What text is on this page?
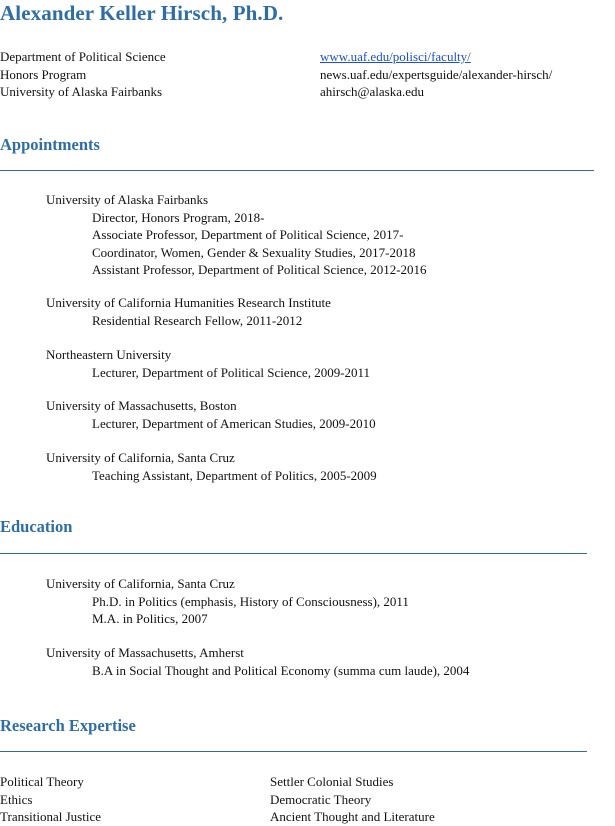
Alexander Keller Hirsch, Ph.D.
Department of Political Science
Honors Program
University of Alaska Fairbanks
www.uaf.edu/polisci/faculty/
news.uaf.edu/expertsguide/alexander-hirsch/
ahirsch@alaska.edu
Appointments
University of Alaska Fairbanks
Director, Honors Program, 2018-
Associate Professor, Department of Political Science, 2017-
Coordinator, Women, Gender & Sexuality Studies, 2017-2018
Assistant Professor, Department of Political Science, 2012-2016
University of California Humanities Research Institute
Residential Research Fellow, 2011-2012
Northeastern University
Lecturer, Department of Political Science, 2009-2011
University of Massachusetts, Boston
Lecturer, Department of American Studies, 2009-2010
University of California, Santa Cruz
Teaching Assistant, Department of Politics, 2005-2009
Education
University of California, Santa Cruz
Ph.D. in Politics (emphasis, History of Consciousness), 2011
M.A. in Politics, 2007
University of Massachusetts, Amherst
B.A in Social Thought and Political Economy (summa cum laude), 2004
Research Expertise
Political Theory
Ethics
Transitional Justice
Settler Colonial Studies
Democratic Theory
Ancient Thought and Literature
